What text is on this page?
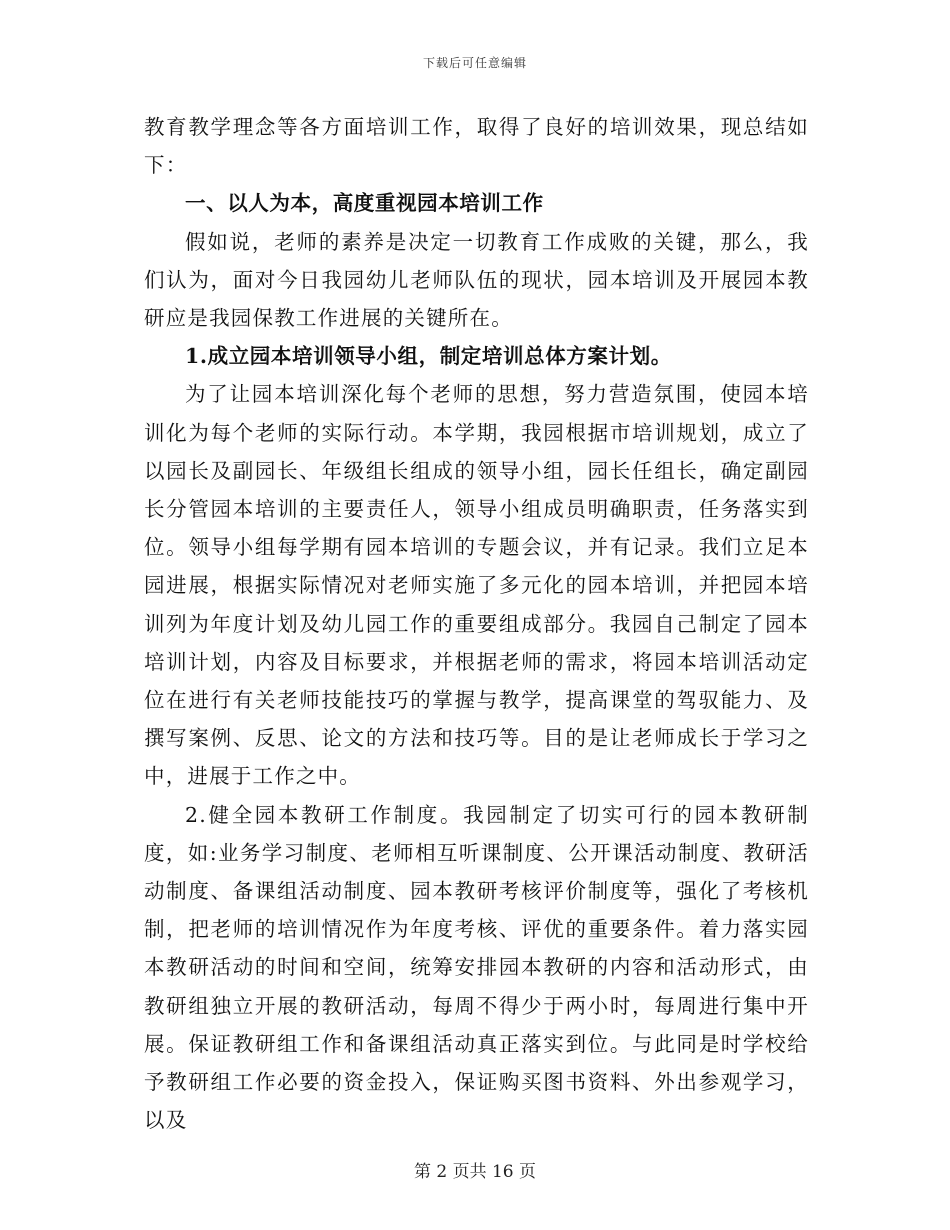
下载后可任意编辑

教育教学理念等各方面培训工作，取得了良好的培训效果，现总结如下：

一、以人为本，高度重视园本培训工作

假如说，老师的素养是决定一切教育工作成败的关键，那么，我们认为，面对今日我园幼儿老师队伍的现状，园本培训及开展园本教研应是我园保教工作进展的关键所在。

1.成立园本培训领导小组，制定培训总体方案计划。

为了让园本培训深化每个老师的思想，努力营造氛围，使园本培训化为每个老师的实际行动。本学期，我园根据市培训规划，成立了以园长及副园长、年级组长组成的领导小组，园长任组长，确定副园长分管园本培训的主要责任人，领导小组成员明确职责，任务落实到位。领导小组每学期有园本培训的专题会议，并有记录。我们立足本园进展，根据实际情况对老师实施了多元化的园本培训，并把园本培训列为年度计划及幼儿园工作的重要组成部分。我园自己制定了园本培训计划，内容及目标要求，并根据老师的需求，将园本培训活动定位在进行有关老师技能技巧的掌握与教学，提高课堂的驾驭能力、及撰写案例、反思、论文的方法和技巧等。目的是让老师成长于学习之中，进展于工作之中。

2.健全园本教研工作制度。我园制定了切实可行的园本教研制度，如:业务学习制度、老师相互听课制度、公开课活动制度、教研活动制度、备课组活动制度、园本教研考核评价制度等，强化了考核机制，把老师的培训情况作为年度考核、评优的重要条件。着力落实园本教研活动的时间和空间，统筹安排园本教研的内容和活动形式，由教研组独立开展的教研活动，每周不得少于两小时，每周进行集中开展。保证教研组工作和备课组活动真正落实到位。与此同是时学校给予教研组工作必要的资金投入，保证购买图书资料、外出参观学习，以及

第 2 页共 16 页
